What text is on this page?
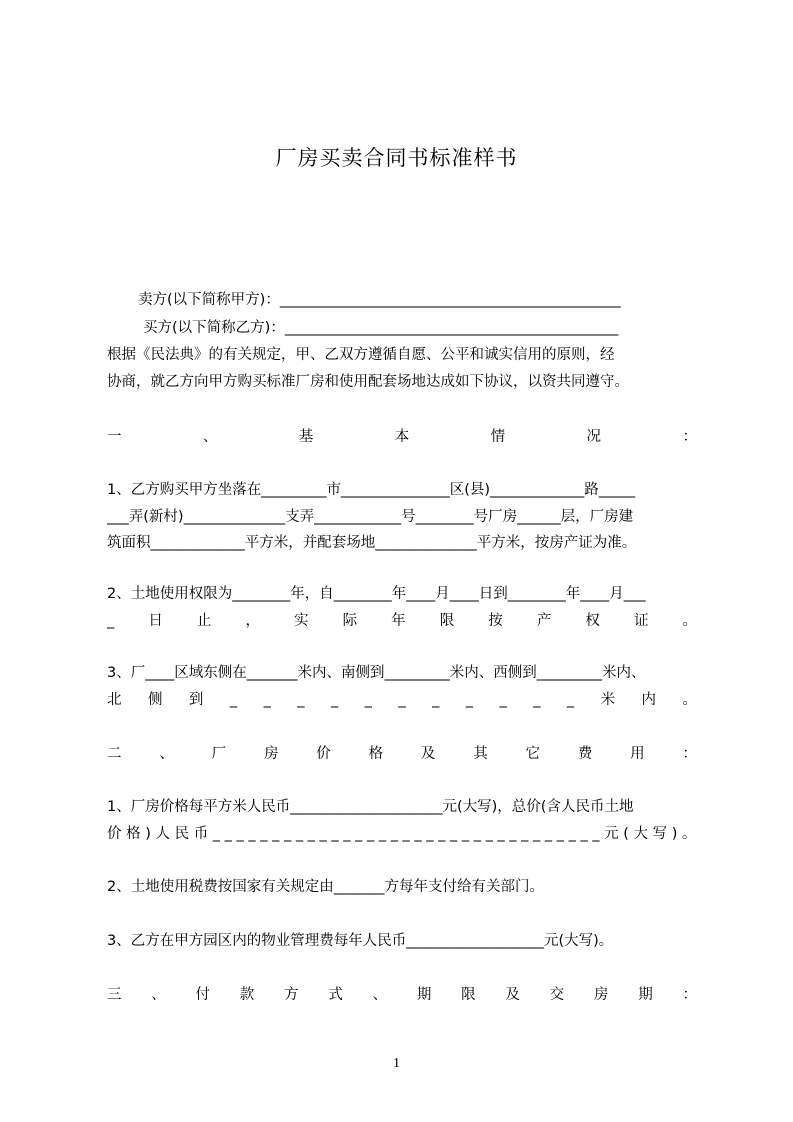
厂房买卖合同书标准样书
卖方(以下简称甲方)：_______________________________________________
买方(以下简称乙方)：______________________________________________
根据《民法典》的有关规定，甲、乙双方遵循自愿、公平和诚实信用的原则，经
协商，就乙方向甲方购买标准厂房和使用配套场地达成如下协议，以资共同遵守。
一	、	基	本	情	况	：
1、乙方购买甲方坐落在_________市_______________区(县)_____________路_____
___弄(新村)______________支弄____________号________号厂房______层，厂房建
筑面积_____________平方米，并配套场地______________平方米，按房产证为准。
2、土地使用权限为________年，自________年____月____日到________年____月___
_ 日 止 ， 实 际 年 限 按 产 权 证 。
3、厂____区域东侧在_______米内、南侧到_________米内、西侧到_________米内、
北 侧 到 _ _ _ _ _ _ _ _ _ _ _ 米 内 。
二	、	厂	房	价	格	及	其	它	费	用	：
1、厂房价格每平方米人民币_____________________元(大写)，总价(含人民币土地
价 格 ) 人 民 币 _ _ _ _ _ _ _ _ _ _ _ _ _ _ _ _ _ _ _ _ _ _ _ _ _ _ _ _ _ _ _ _ _ 元 ( 大 写 ) 。
2、土地使用税费按国家有关规定由_______方每年支付给有关部门。
3、乙方在甲方园区内的物业管理费每年人民币___________________元(大写)。
三 、 付 款 方 式 、 期 限 及 交 房 期 ：
1
